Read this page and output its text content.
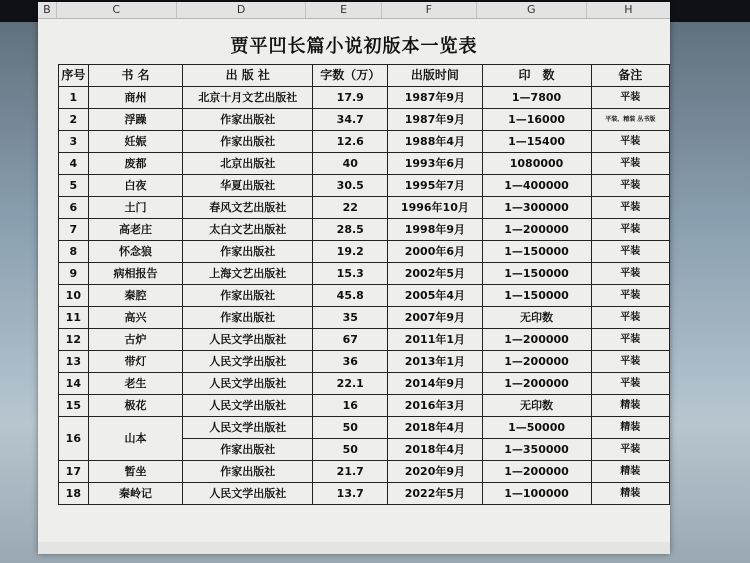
B	C	D	E	F	G	H
贾平凹长篇小说初版本一览表
序号	书 名	出 版 社	字数（万）	出版时间	印　数	备注
1	商州	北京十月文艺出版社	17.9	1987年9月	1—7800	平装
2	浮躁	作家出版社	34.7	1987年9月	1—16000	平装、精装 丛书版
3	妊娠	作家出版社	12.6	1988年4月	1—15400	平装
4	废都	北京出版社	40	1993年6月	1080000	平装
5	白夜	华夏出版社	30.5	1995年7月	1—400000	平装
6	土门	春风文艺出版社	22	1996年10月	1—300000	平装
7	高老庄	太白文艺出版社	28.5	1998年9月	1—200000	平装
8	怀念狼	作家出版社	19.2	2000年6月	1—150000	平装
9	病相报告	上海文艺出版社	15.3	2002年5月	1—150000	平装
10	秦腔	作家出版社	45.8	2005年4月	1—150000	平装
11	高兴	作家出版社	35	2007年9月	无印数	平装
12	古炉	人民文学出版社	67	2011年1月	1—200000	平装
13	带灯	人民文学出版社	36	2013年1月	1—200000	平装
14	老生	人民文学出版社	22.1	2014年9月	1—200000	平装
15	极花	人民文学出版社	16	2016年3月	无印数	精装
16	山本	人民文学出版社	50	2018年4月	1—50000	精装
		作家出版社	50	2018年4月	1—350000	平装
17	暂坐	作家出版社	21.7	2020年9月	1—200000	精装
18	秦岭记	人民文学出版社	13.7	2022年5月	1—100000	精装
